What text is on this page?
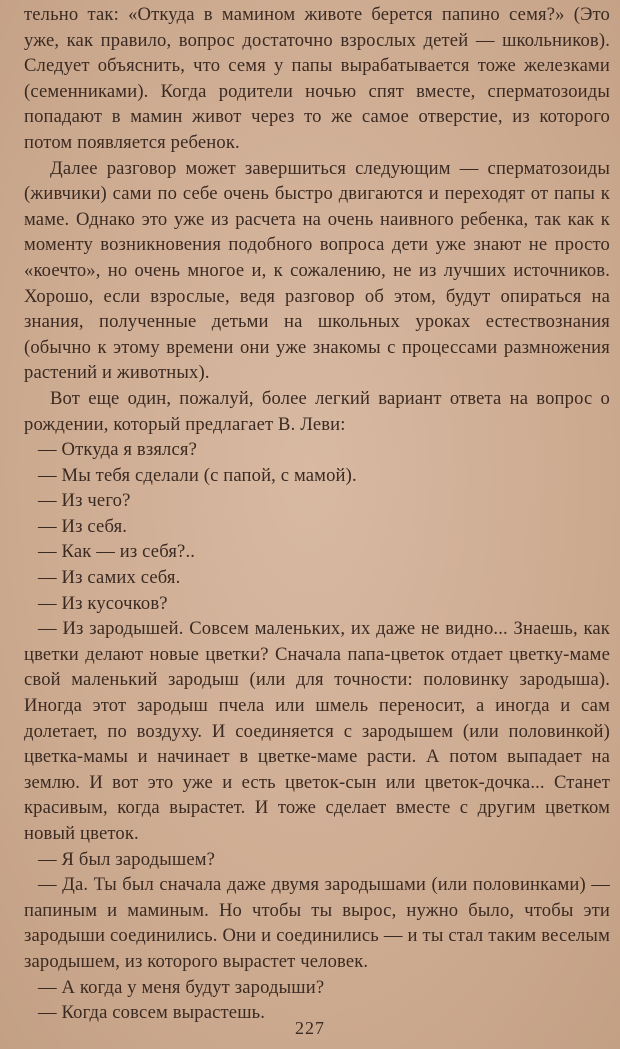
тельно так: «Откуда в мамином животе берется папино семя?» (Это уже, как правило, вопрос достаточно взрослых детей — школьников). Следует объяснить, что семя у папы вырабатывается тоже железками (семенниками). Когда родители ночью спят вместе, сперматозоиды попадают в мамин живот через то же самое отверстие, из которого потом появляется ребенок.

Далее разговор может завершиться следующим — сперматозоиды (живчики) сами по себе очень быстро двигаются и переходят от папы к маме. Однако это уже из расчета на очень наивного ребенка, так как к моменту возникновения подобного вопроса дети уже знают не просто «коечто», но очень многое и, к сожалению, не из лучших источников. Хорошо, если взрослые, ведя разговор об этом, будут опираться на знания, полученные детьми на школьных уроках естествознания (обычно к этому времени они уже знакомы с процессами размножения растений и животных).

Вот еще один, пожалуй, более легкий вариант ответа на вопрос о рождении, который предлагает В. Леви:

— Откуда я взялся?

— Мы тебя сделали (с папой, с мамой).

— Из чего?

— Из себя.

— Как — из себя?..

— Из самих себя.

— Из кусочков?

— Из зародышей. Совсем маленьких, их даже не видно... Знаешь, как цветки делают новые цветки? Сначала папа-цветок отдает цветку-маме свой маленький зародыш (или для точности: половинку зародыша). Иногда этот зародыш пчела или шмель переносит, а иногда и сам долетает, по воздуху. И соединяется с зародышем (или половинкой) цветка-мамы и начинает в цветке-маме расти. А потом выпадает на землю. И вот это уже и есть цветок-сын или цветок-дочка... Станет красивым, когда вырастет. И тоже сделает вместе с другим цветком новый цветок.

— Я был зародышем?

— Да. Ты был сначала даже двумя зародышами (или половинками) — папиным и маминым. Но чтобы ты вырос, нужно было, чтобы эти зародыши соединились. Они и соединились — и ты стал таким веселым зародышем, из которого вырастет человек.

— А когда у меня будут зародыши?

— Когда совсем вырастешь.

227
